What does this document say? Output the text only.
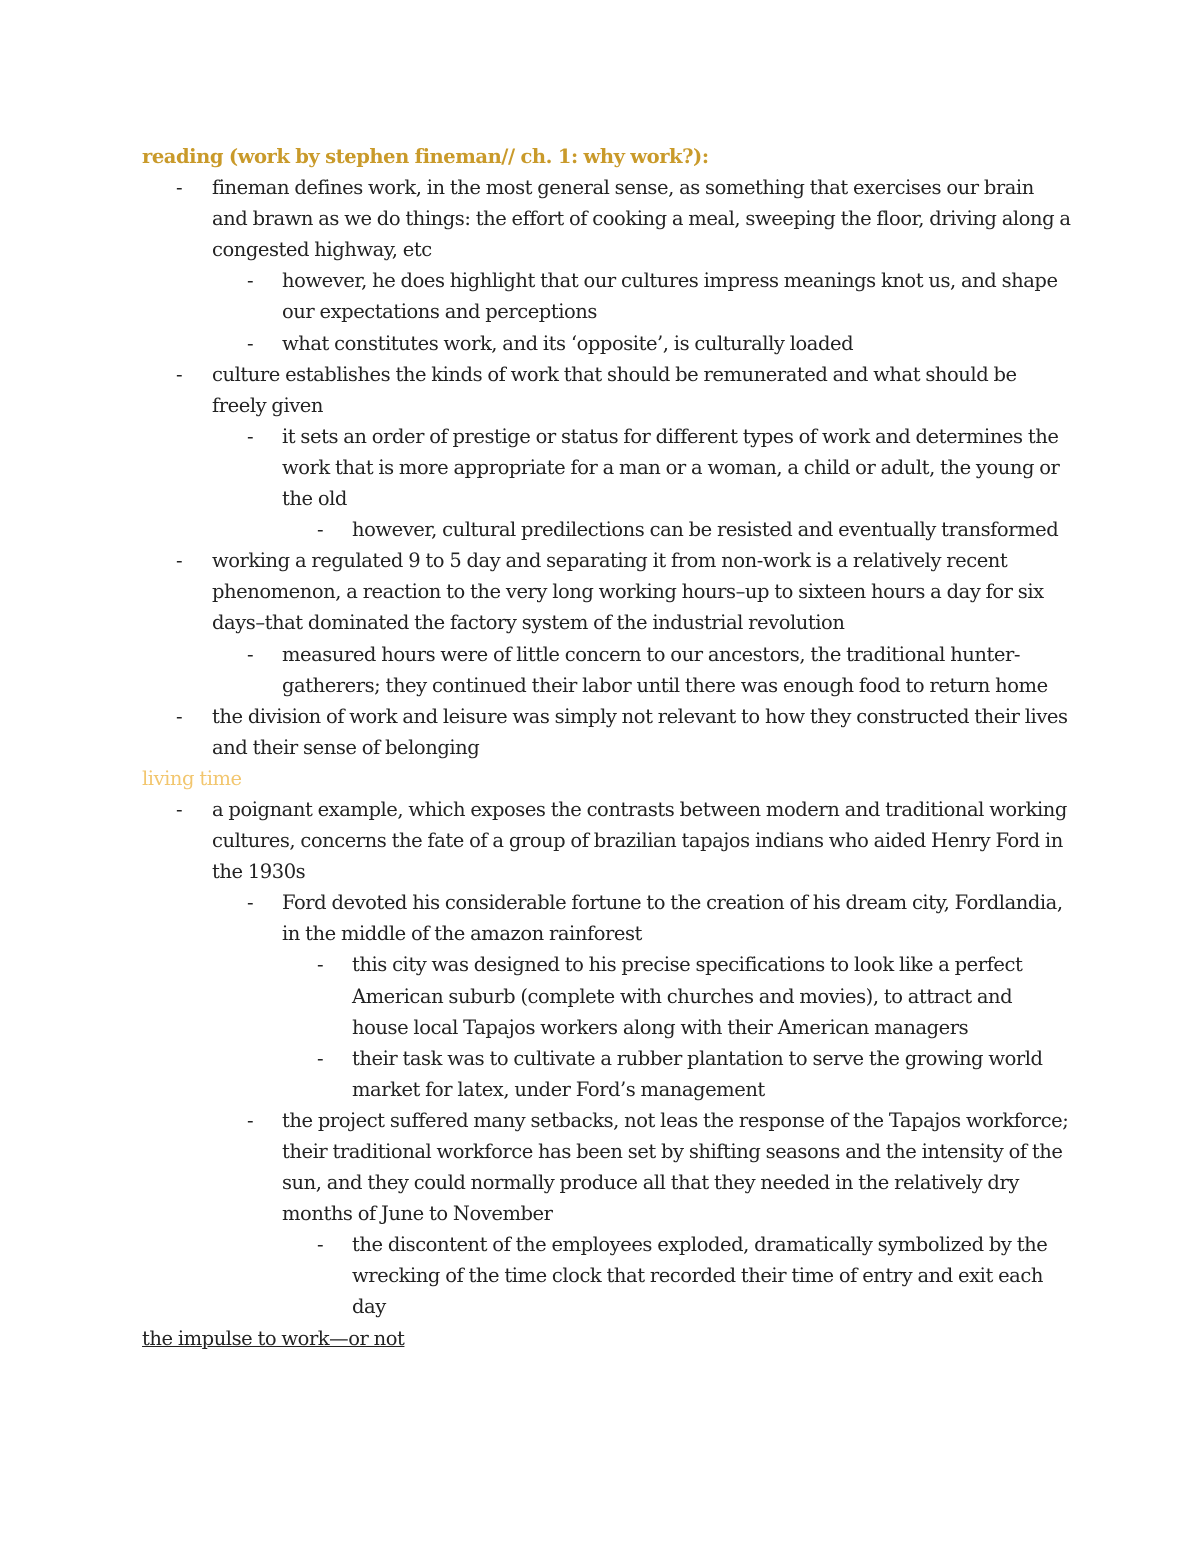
reading (work by stephen fineman// ch. 1: why work?):

-	fineman defines work, in the most general sense, as something that exercises our brain and brawn as we do things: the effort of cooking a meal, sweeping the floor, driving along a congested highway, etc
-	however, he does highlight that our cultures impress meanings knot us, and shape our expectations and perceptions
-	what constitutes work, and its ‘opposite’, is culturally loaded
-	culture establishes the kinds of work that should be remunerated and what should be freely given
-	it sets an order of prestige or status for different types of work and determines the work that is more appropriate for a man or a woman, a child or adult, the young or the old
-	however, cultural predilections can be resisted and eventually transformed
-	working a regulated 9 to 5 day and separating it from non-work is a relatively recent phenomenon, a reaction to the very long working hours–up to sixteen hours a day for six days–that dominated the factory system of the industrial revolution
-	measured hours were of little concern to our ancestors, the traditional hunter-gatherers; they continued their labor until there was enough food to return home
-	the division of work and leisure was simply not relevant to how they constructed their lives and their sense of belonging

living time

-	a poignant example, which exposes the contrasts between modern and traditional working cultures, concerns the fate of a group of brazilian tapajos indians who aided Henry Ford in the 1930s
-	Ford devoted his considerable fortune to the creation of his dream city, Fordlandia, in the middle of the amazon rainforest
-	this city was designed to his precise specifications to look like a perfect American suburb (complete with churches and movies), to attract and house local Tapajos workers along with their American managers
-	their task was to cultivate a rubber plantation to serve the growing world market for latex, under Ford’s management
-	the project suffered many setbacks, not leas the response of the Tapajos workforce; their traditional workforce has been set by shifting seasons and the intensity of the sun, and they could normally produce all that they needed in the relatively dry months of June to November
-	the discontent of the employees exploded, dramatically symbolized by the wrecking of the time clock that recorded their time of entry and exit each day

the impulse to work—or not
